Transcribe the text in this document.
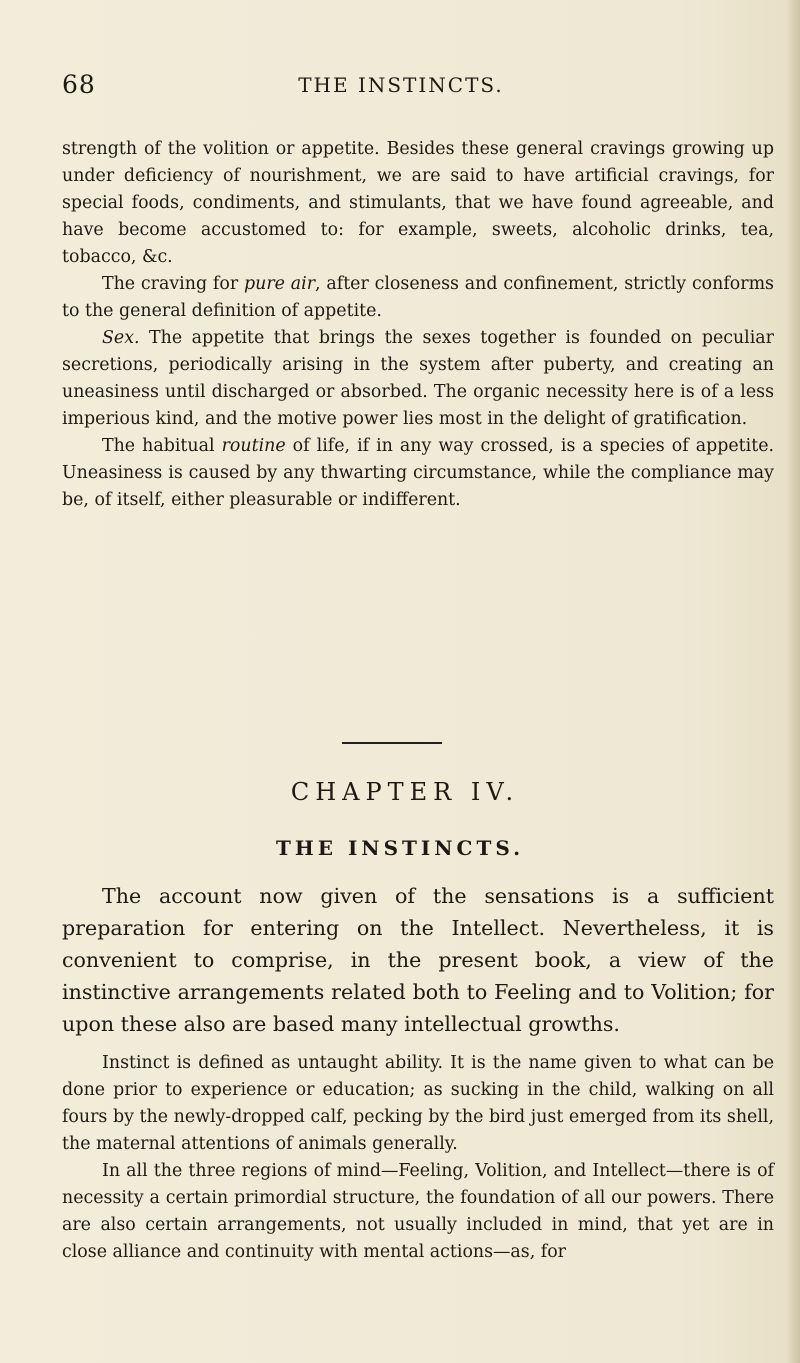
68	THE INSTINCTS.

strength of the volition or appetite. Besides these general cravings growing up under deficiency of nourishment, we are said to have artificial cravings, for special foods, condiments, and stimulants, that we have found agreeable, and have become accustomed to: for example, sweets, alcoholic drinks, tea, tobacco, &c.

The craving for pure air, after closeness and confinement, strictly conforms to the general definition of appetite.

Sex. The appetite that brings the sexes together is founded on peculiar secretions, periodically arising in the system after puberty, and creating an uneasiness until discharged or absorbed. The organic necessity here is of a less imperious kind, and the motive power lies most in the delight of gratification.

The habitual routine of life, if in any way crossed, is a species of appetite. Uneasiness is caused by any thwarting circumstance, while the compliance may be, of itself, either pleasurable or indifferent.

CHAPTER IV.
THE INSTINCTS.

The account now given of the sensations is a sufficient preparation for entering on the Intellect. Nevertheless, it is convenient to comprise, in the present book, a view of the instinctive arrangements related both to Feeling and to Volition; for upon these also are based many intellectual growths.

Instinct is defined as untaught ability. It is the name given to what can be done prior to experience or education; as sucking in the child, walking on all fours by the newly-dropped calf, pecking by the bird just emerged from its shell, the maternal attentions of animals generally.

In all the three regions of mind—Feeling, Volition, and Intellect—there is of necessity a certain primordial structure, the foundation of all our powers. There are also certain arrangements, not usually included in mind, that yet are in close alliance and continuity with mental actions—as, for
